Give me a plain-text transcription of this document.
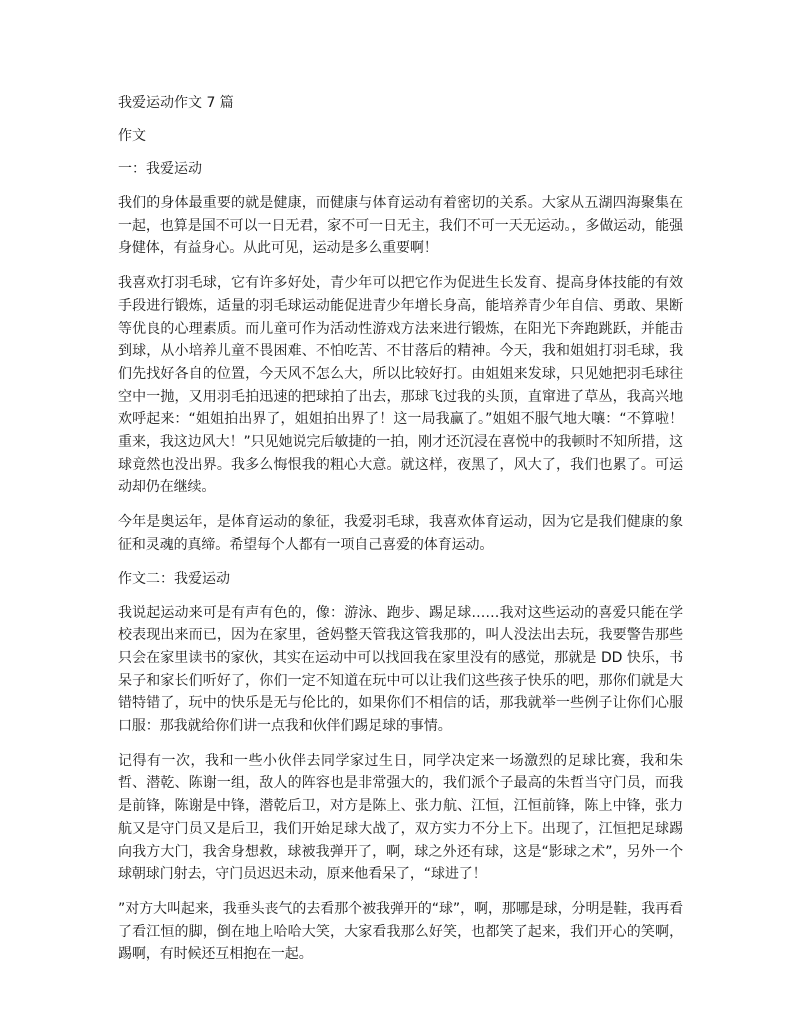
我爱运动作文 7 篇
作文
一：我爱运动

我们的身体最重要的就是健康，而健康与体育运动有着密切的关系。大家从五湖四海聚集在一起，也算是国不可以一日无君，家不可一日无主，我们不可一天无运动。，多做运动，能强身健体，有益身心。从此可见，运动是多么重要啊！

我喜欢打羽毛球，它有许多好处，青少年可以把它作为促进生长发育、提高身体技能的有效手段进行锻炼，适量的羽毛球运动能促进青少年增长身高，能培养青少年自信、勇敢、果断等优良的心理素质。而儿童可作为活动性游戏方法来进行锻炼，在阳光下奔跑跳跃，并能击到球，从小培养儿童不畏困难、不怕吃苦、不甘落后的精神。今天，我和姐姐打羽毛球，我们先找好各自的位置，今天风不怎么大，所以比较好打。由姐姐来发球，只见她把羽毛球往空中一抛，又用羽毛拍迅速的把球拍了出去，那球飞过我的头顶，直窜进了草丛，我高兴地欢呼起来：“姐姐拍出界了，姐姐拍出界了！这一局我赢了。”姐姐不服气地大嚷：“不算啦！重来，我这边风大！”只见她说完后敏捷的一拍，刚才还沉浸在喜悦中的我顿时不知所措，这球竟然也没出界。我多么悔恨我的粗心大意。就这样，夜黑了，风大了，我们也累了。可运动却仍在继续。

今年是奥运年，是体育运动的象征，我爱羽毛球，我喜欢体育运动，因为它是我们健康的象征和灵魂的真缔。希望每个人都有一项自己喜爱的体育运动。

作文二：我爱运动

我说起运动来可是有声有色的，像：游泳、跑步、踢足球……我对这些运动的喜爱只能在学校表现出来而已，因为在家里，爸妈整天管我这管我那的，叫人没法出去玩，我要警告那些只会在家里读书的家伙，其实在运动中可以找回我在家里没有的感觉，那就是 DD 快乐，书呆子和家长们听好了，你们一定不知道在玩中可以让我们这些孩子快乐的吧，那你们就是大错特错了，玩中的快乐是无与伦比的，如果你们不相信的话，那我就举一些例子让你们心服口服：那我就给你们讲一点我和伙伴们踢足球的事情。

记得有一次，我和一些小伙伴去同学家过生日，同学决定来一场激烈的足球比赛，我和朱哲、潜乾、陈谢一组，敌人的阵容也是非常强大的，我们派个子最高的朱哲当守门员，而我是前锋，陈谢是中锋，潜乾后卫，对方是陈上、张力航、江恒，江恒前锋，陈上中锋，张力航又是守门员又是后卫，我们开始足球大战了，双方实力不分上下。出现了，江恒把足球踢向我方大门，我舍身想救，球被我弹开了，啊，球之外还有球，这是“影球之术”，另外一个球朝球门射去，守门员迟迟未动，原来他看呆了，“球进了！

”对方大叫起来，我垂头丧气的去看那个被我弹开的“球”，啊，那哪是球，分明是鞋，我再看了看江恒的脚，倒在地上哈哈大笑，大家看我那么好笑，也都笑了起来，我们开心的笑啊，踢啊，有时候还互相抱在一起。
